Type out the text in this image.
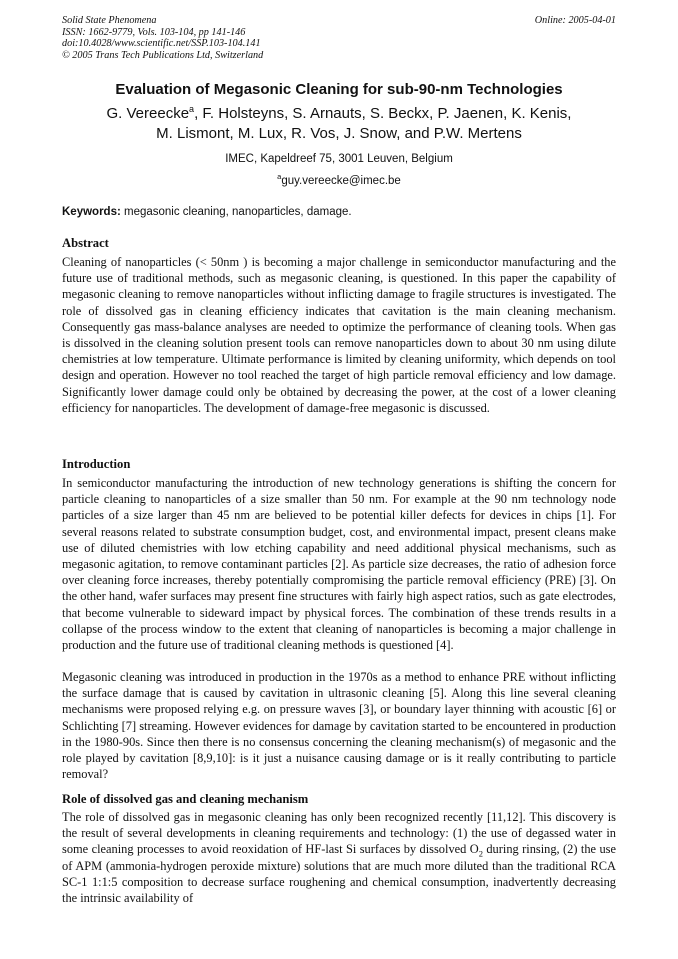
Solid State Phenomena
ISSN: 1662-9779, Vols. 103-104, pp 141-146
doi:10.4028/www.scientific.net/SSP.103-104.141
© 2005 Trans Tech Publications Ltd, Switzerland
Online: 2005-04-01
Evaluation of Megasonic Cleaning for sub-90-nm Technologies
G. Vereecke$^a$, F. Holsteyns, S. Arnauts, S. Beckx, P. Jaenen, K. Kenis,
M. Lismont, M. Lux, R. Vos, J. Snow, and P.W. Mertens
IMEC, Kapeldreef 75, 3001 Leuven, Belgium
$^a$guy.vereecke@imec.be
Keywords: megasonic cleaning, nanoparticles, damage.
Abstract
Cleaning of nanoparticles (< 50nm ) is becoming a major challenge in semiconductor manufacturing and the future use of traditional methods, such as megasonic cleaning, is questioned. In this paper the capability of megasonic cleaning to remove nanoparticles without inflicting damage to fragile structures is investigated. The role of dissolved gas in cleaning efficiency indicates that cavitation is the main cleaning mechanism. Consequently gas mass-balance analyses are needed to optimize the performance of cleaning tools. When gas is dissolved in the cleaning solution present tools can remove nanoparticles down to about 30 nm using dilute chemistries at low temperature. Ultimate performance is limited by cleaning uniformity, which depends on tool design and operation. However no tool reached the target of high particle removal efficiency and low damage. Significantly lower damage could only be obtained by decreasing the power, at the cost of a lower cleaning efficiency for nanoparticles. The development of damage-free megasonic is discussed.
Introduction
In semiconductor manufacturing the introduction of new technology generations is shifting the concern for particle cleaning to nanoparticles of a size smaller than 50 nm. For example at the 90 nm technology node particles of a size larger than 45 nm are believed to be potential killer defects for devices in chips [1]. For several reasons related to substrate consumption budget, cost, and environmental impact, present cleans make use of diluted chemistries with low etching capability and need additional physical mechanisms, such as megasonic agitation, to remove contaminant particles [2]. As particle size decreases, the ratio of adhesion force over cleaning force increases, thereby potentially compromising the particle removal efficiency (PRE) [3]. On the other hand, wafer surfaces may present fine structures with fairly high aspect ratios, such as gate electrodes, that become vulnerable to sideward impact by physical forces. The combination of these trends results in a collapse of the process window to the extent that cleaning of nanoparticles is becoming a major challenge in production and the future use of traditional cleaning methods is questioned [4].
Megasonic cleaning was introduced in production in the 1970s as a method to enhance PRE without inflicting the surface damage that is caused by cavitation in ultrasonic cleaning [5]. Along this line several cleaning mechanisms were proposed relying e.g. on pressure waves [3], or boundary layer thinning with acoustic [6] or Schlichting [7] streaming. However evidences for damage by cavitation started to be encountered in production in the 1980-90s. Since then there is no consensus concerning the cleaning mechanism(s) of megasonic and the role played by cavitation [8,9,10]: is it just a nuisance causing damage or is it really contributing to particle removal?
Role of dissolved gas and cleaning mechanism
The role of dissolved gas in megasonic cleaning has only been recognized recently [11,12]. This discovery is the result of several developments in cleaning requirements and technology: (1) the use of degassed water in some cleaning processes to avoid reoxidation of HF-last Si surfaces by dissolved $O_2$ during rinsing, (2) the use of APM (ammonia-hydrogen peroxide mixture) solutions that are much more diluted than the traditional RCA SC-1 1:1:5 composition to decrease surface roughening and chemical consumption, inadvertently decreasing the intrinsic availability of
